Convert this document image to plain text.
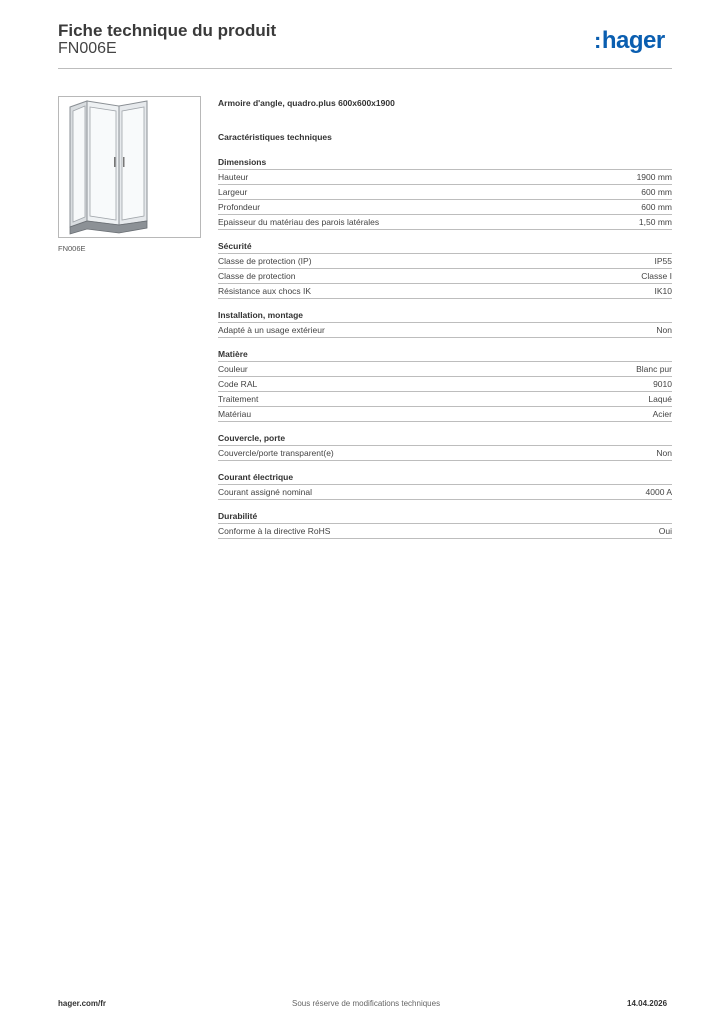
Fiche technique du produit
FN006E	:hager
FN006E
Armoire d'angle, quadro.plus 600x600x1900
Caractéristiques techniques
Dimensions
Hauteur	1900 mm
Largeur	600 mm
Profondeur	600 mm
Epaisseur du matériau des parois latérales	1,50 mm
Sécurité
Classe de protection (IP)	IP55
Classe de protection	Classe I
Résistance aux chocs IK	IK10
Installation, montage
Adapté à un usage extérieur	Non
Matière
Couleur	Blanc pur
Code RAL	9010
Traitement	Laqué
Matériau	Acier
Couvercle, porte
Couvercle/porte transparent(e)	Non
Courant électrique
Courant assigné nominal	4000 A
Durabilité
Conforme à la directive RoHS	Oui
hager.com/fr	Sous réserve de modifications techniques	14.04.2026
